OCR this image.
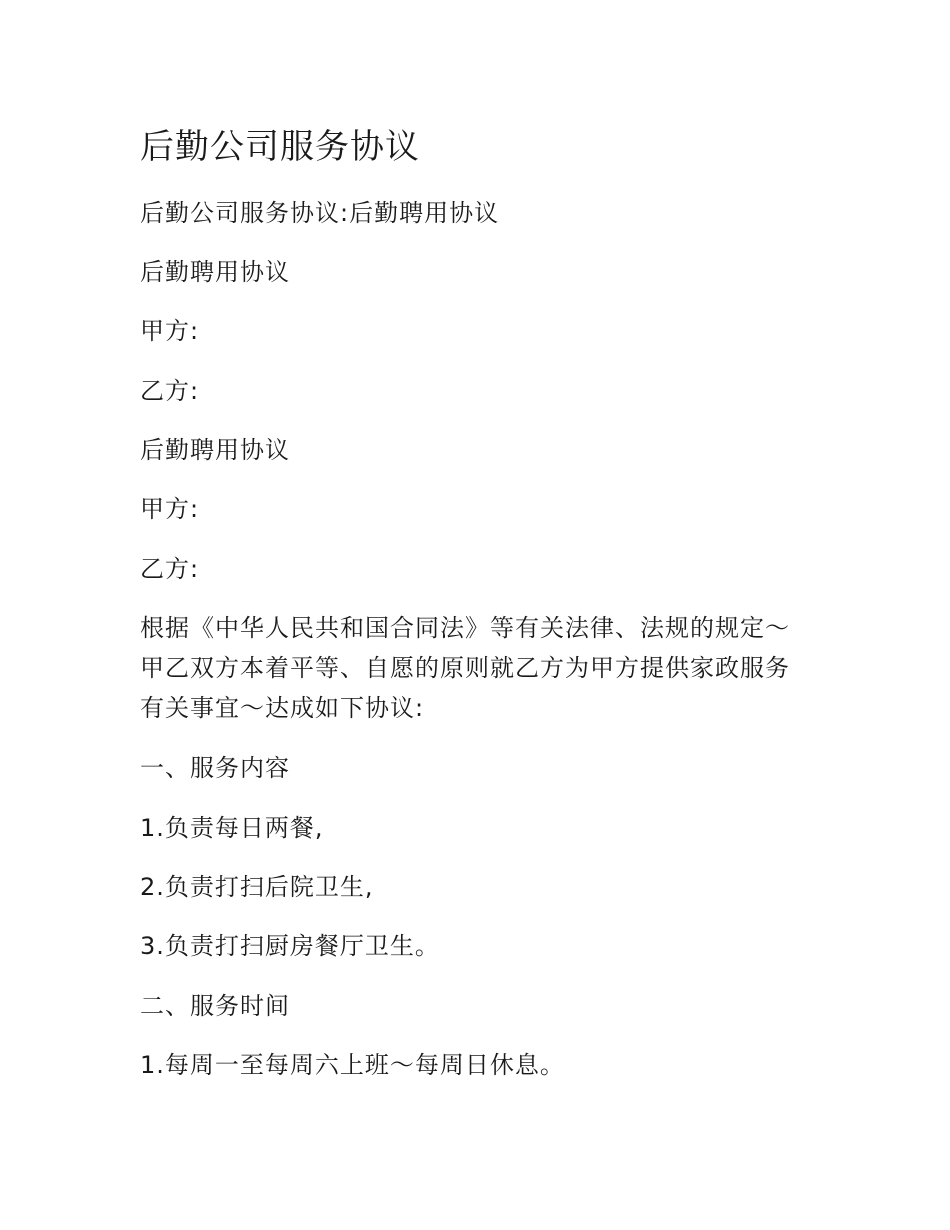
后勤公司服务协议

后勤公司服务协议:后勤聘用协议

后勤聘用协议

甲方:

乙方:

后勤聘用协议

甲方:

乙方:

根据《中华人民共和国合同法》等有关法律、法规的规定～甲乙双方本着平等、自愿的原则就乙方为甲方提供家政服务有关事宜～达成如下协议:

一、服务内容

1.负责每日两餐,

2.负责打扫后院卫生,

3.负责打扫厨房餐厅卫生。

二、服务时间

1.每周一至每周六上班～每周日休息。
